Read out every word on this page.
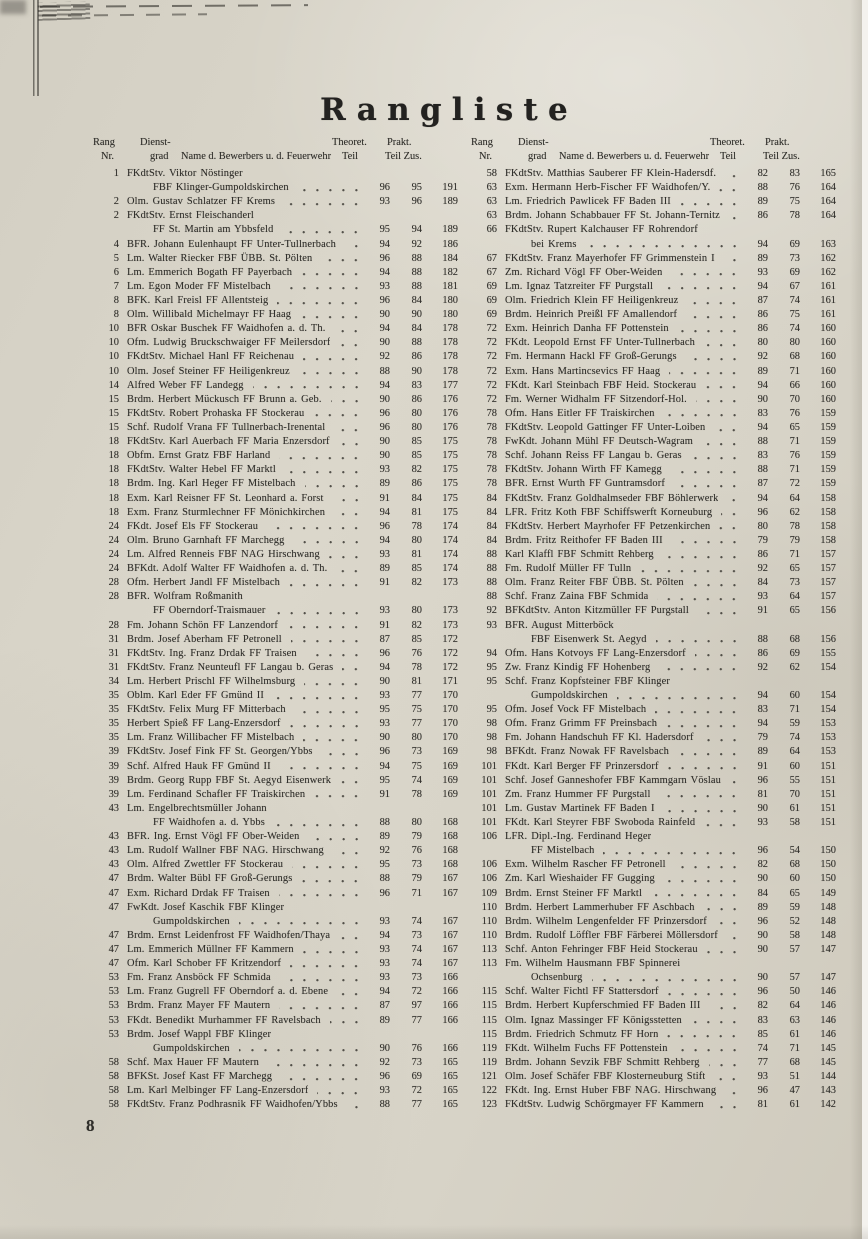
Rangliste
Rang
Nr.
Dienst-
grad Name d. Bewerbers u. d. Feuerwehr
Theoret. Prakt.
Teil	Teil Zus.
1 FKdtStv. Viktor Nöstinger
FBF Klinger-Gumpoldskirchen	96	95	191
2 Olm. Gustav Schlatzer FF Krems	93	96	189
2 FKdtStv. Ernst Fleischanderl
FF St. Martin am Ybbsfeld	95	94	189
4 BFR. Johann Eulenhaupt FF Unter-Tullnerbach	94	92	186
5 Lm. Walter Riecker FBF ÜBB. St. Pölten	96	88	184
6 Lm. Emmerich Bogath FF Payerbach	94	88	182
7 Lm. Egon Moder FF Mistelbach	93	88	181
8 BFK. Karl Freisl FF Allentsteig	96	84	180
8 Olm. Willibald Michelmayr FF Haag	90	90	180
10 BFR Oskar Buschek FF Waidhofen a. d. Th.	94	84	178
10 Ofm. Ludwig Bruckschwaiger FF Meilersdorf	90	88	178
10 FKdtStv. Michael Hanl FF Reichenau	92	86	178
10 Olm. Josef Steiner FF Heiligenkreuz	88	90	178
14 Alfred Weber FF Landegg	94	83	177
15 Brdm. Herbert Mückusch FF Brunn a. Geb.	90	86	176
15 FKdtStv. Robert Prohaska FF Stockerau	96	80	176
15 Schf. Rudolf Vrana FF Tullnerbach-Irenental	96	80	176
18 FKdtStv. Karl Auerbach FF Maria Enzersdorf	90	85	175
18 Obfm. Ernst Gratz FBF Harland	90	85	175
18 FKdtStv. Walter Hebel FF Marktl	93	82	175
18 Brdm. Ing. Karl Heger FF Mistelbach	89	86	175
18 Exm. Karl Reisner FF St. Leonhard a. Forst	91	84	175
18 Exm. Franz Sturmlechner FF Mönichkirchen	94	81	175
24 FKdt. Josef Els FF Stockerau	96	78	174
24 Olm. Bruno Garnhaft FF Marchegg	94	80	174
24 Lm. Alfred Renneis FBF NAG Hirschwang	93	81	174
24 BFKdt. Adolf Walter FF Waidhofen a. d. Th.	89	85	174
28 Ofm. Herbert Jandl FF Mistelbach	91	82	173
28 BFR. Wolfram Roßmanith
FF Oberndorf-Traismauer	93	80	173
28 Fm. Johann Schön FF Lanzendorf	91	82	173
31 Brdm. Josef Aberham FF Petronell	87	85	172
31 FKdtStv. Ing. Franz Drdak FF Traisen	96	76	172
31 FKdtStv. Franz Neunteufl FF Langau b. Geras	94	78	172
34 Lm. Herbert Prischl FF Wilhelmsburg	90	81	171
35 Oblm. Karl Eder FF Gmünd II	93	77	170
35 FKdtStv. Felix Murg FF Mitterbach	95	75	170
35 Herbert Spieß FF Lang-Enzersdorf	93	77	170
35 Lm. Franz Willibacher FF Mistelbach	90	80	170
39 FKdtStv. Josef Fink FF St. Georgen/Ybbs	96	73	169
39 Schf. Alfred Hauk FF Gmünd II	94	75	169
39 Brdm. Georg Rupp FBF St. Aegyd Eisenwerk	95	74	169
39 Lm. Ferdinand Schafler FF Traiskirchen	91	78	169
43 Lm. Engelbrechtsmüller Johann
FF Waidhofen a. d. Ybbs	88	80	168
43 BFR. Ing. Ernst Vögl FF Ober-Weiden	89	79	168
43 Lm. Rudolf Wallner FBF NAG. Hirschwang	92	76	168
43 Olm. Alfred Zwettler FF Stockerau	95	73	168
47 Brdm. Walter Bübl FF Groß-Gerungs	88	79	167
47 Exm. Richard Drdak FF Traisen	96	71	167
47 FwKdt. Josef Kaschik FBF Klinger
Gumpoldskirchen	93	74	167
47 Brdm. Ernst Leidenfrost FF Waidhofen/Thaya	94	73	167
47 Lm. Emmerich Müllner FF Kammern	93	74	167
47 Ofm. Karl Schober FF Kritzendorf	93	74	167
53 Fm. Franz Ansböck FF Schmida	93	73	166
53 Lm. Franz Gugrell FF Oberndorf a. d. Ebene	94	72	166
53 Brdm. Franz Mayer FF Mautern	87	97	166
53 FKdt. Benedikt Murhammer FF Ravelsbach	89	77	166
53 Brdm. Josef Wappl FBF Klinger
Gumpoldskirchen	90	76	166
58 Schf. Max Hauer FF Mautern	92	73	165
58 BFKSt. Josef Kast FF Marchegg	96	69	165
58 Lm. Karl Melbinger FF Lang-Enzersdorf	93	72	165
58 FKdtStv. Franz Podhrasnik FF Waidhofen/Ybbs	88	77	165
Rang
Nr.
Dienst-
grad Name d. Bewerbers u. d. Feuerwehr
Theoret. Prakt.
Teil	Teil Zus.
58 FKdtStv. Matthias Sauberer FF Klein-Hadersdf.	82	83	165
63 Exm. Hermann Herb-Fischer FF Waidhofen/Y.	88	76	164
63 Lm. Friedrich Pawlicek FF Baden III	89	75	164
63 Brdm. Johann Schabbauer FF St. Johann-Ternitz	86	78	164
66 FKdtStv. Rupert Kalchauser FF Rohrendorf
bei Krems	94	69	163
67 FKdtStv. Franz Mayerhofer FF Grimmenstein I	89	73	162
67 Zm. Richard Vögl FF Ober-Weiden	93	69	162
69 Lm. Ignaz Tatzreiter FF Purgstall	94	67	161
69 Olm. Friedrich Klein FF Heiligenkreuz	87	74	161
69 Brdm. Heinrich Preißl FF Amallendorf	86	75	161
72 Exm. Heinrich Danha FF Pottenstein	86	74	160
72 FKdt. Leopold Ernst FF Unter-Tullnerbach	80	80	160
72 Fm. Hermann Hackl FF Groß-Gerungs	92	68	160
72 Exm. Hans Martincsevics FF Haag	89	71	160
72 FKdt. Karl Steinbach FBF Heid. Stockerau	94	66	160
72 Fm. Werner Widhalm FF Sitzendorf-Hol.	90	70	160
78 Ofm. Hans Eitler FF Traiskirchen	83	76	159
78 FKdtStv. Leopold Gattinger FF Unter-Loiben	94	65	159
78 FwKdt. Johann Mühl FF Deutsch-Wagram	88	71	159
78 Schf. Johann Reiss FF Langau b. Geras	83	76	159
78 FKdtStv. Johann Wirth FF Kamegg	88	71	159
78 BFR. Ernst Wurth FF Guntramsdorf	87	72	159
84 FKdtStv. Franz Goldhalmseder FBF Böhlerwerk	94	64	158
84 LFR. Fritz Koth FBF Schiffswerft Korneuburg	96	62	158
84 FKdtStv. Herbert Mayrhofer FF Petzenkirchen	80	78	158
84 Brdm. Fritz Reithofer FF Baden III	79	79	158
88 Karl Klaffl FBF Schmitt Rehberg	86	71	157
88 Fm. Rudolf Müller FF Tulln	92	65	157
88 Olm. Franz Reiter FBF ÜBB. St. Pölten	84	73	157
88 Schf. Franz Zaina FBF Schmida	93	64	157
92 BFKdtStv. Anton Kitzmüller FF Purgstall	91	65	156
93 BFR. August Mitterböck
FBF Eisenwerk St. Aegyd	88	68	156
94 Ofm. Hans Kotvoys FF Lang-Enzersdorf	86	69	155
95 Zw. Franz Kindig FF Hohenberg	92	62	154
95 Schf. Franz Kopfsteiner FBF Klinger
Gumpoldskirchen	94	60	154
95 Ofm. Josef Vock FF Mistelbach	83	71	154
98 Ofm. Franz Grimm FF Preinsbach	94	59	153
98 Fm. Johann Handschuh FF Kl. Hadersdorf	79	74	153
98 BFKdt. Franz Nowak FF Ravelsbach	89	64	153
101 FKdt. Karl Berger FF Prinzersdorf	91	60	151
101 Schf. Josef Ganneshofer FBF Kammgarn Vöslau	96	55	151
101 Zm. Franz Hummer FF Purgstall	81	70	151
101 Lm. Gustav Martinek FF Baden I	90	61	151
101 FKdt. Karl Steyrer FBF Swoboda Rainfeld	93	58	151
106 LFR. Dipl.-Ing. Ferdinand Heger
FF Mistelbach	96	54	150
106 Exm. Wilhelm Rascher FF Petronell	82	68	150
106 Zm. Karl Wieshaider FF Gugging	90	60	150
109 Brdm. Ernst Steiner FF Marktl	84	65	149
110 Brdm. Herbert Lammerhuber FF Aschbach	89	59	148
110 Brdm. Wilhelm Lengenfelder FF Prinzersdorf	96	52	148
110 Brdm. Rudolf Löffler FBF Färberei Möllersdorf	90	58	148
113 Schf. Anton Fehringer FBF Heid Stockerau	90	57	147
113 Fm. Wilhelm Hausmann FBF Spinnerei
Ochsenburg	90	57	147
115 Schf. Walter Fichtl FF Stattersdorf	96	50	146
115 Brdm. Herbert Kupferschmied FF Baden III	82	64	146
115 Olm. Ignaz Massinger FF Königsstetten	83	63	146
115 Brdm. Friedrich Schmutz FF Horn	85	61	146
119 FKdt. Wilhelm Fuchs FF Pottenstein	74	71	145
119 Brdm. Johann Sevzik FBF Schmitt Rehberg	77	68	145
121 Olm. Josef Schäfer FBF Klosterneuburg Stift	93	51	144
122 FKdt. Ing. Ernst Huber FBF NAG. Hirschwang	96	47	143
123 FKdtStv. Ludwig Schörgmayer FF Kammern	81	61	142
8
